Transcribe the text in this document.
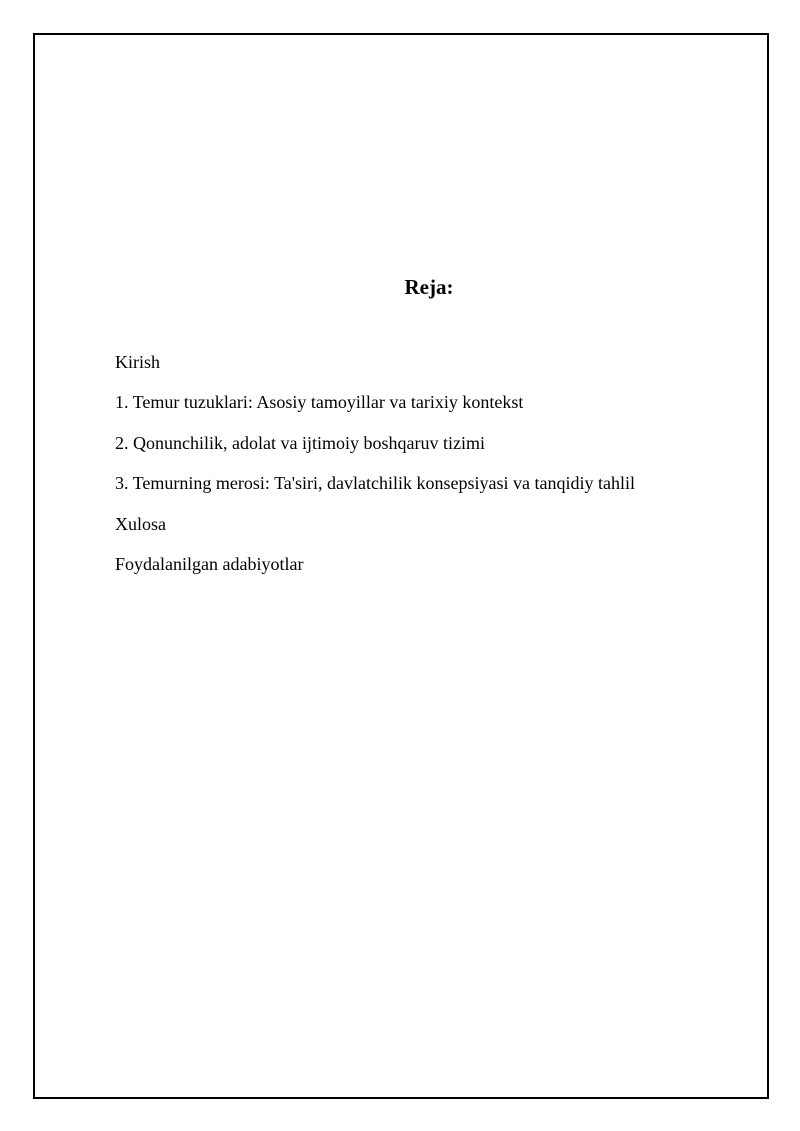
Reja:
Kirish
1. Temur tuzuklari: Asosiy tamoyillar va tarixiy kontekst
2. Qonunchilik, adolat va ijtimoiy boshqaruv tizimi
3. Temurning merosi: Ta'siri, davlatchilik konsepsiyasi va tanqidiy tahlil
Xulosa
Foydalanilgan adabiyotlar
